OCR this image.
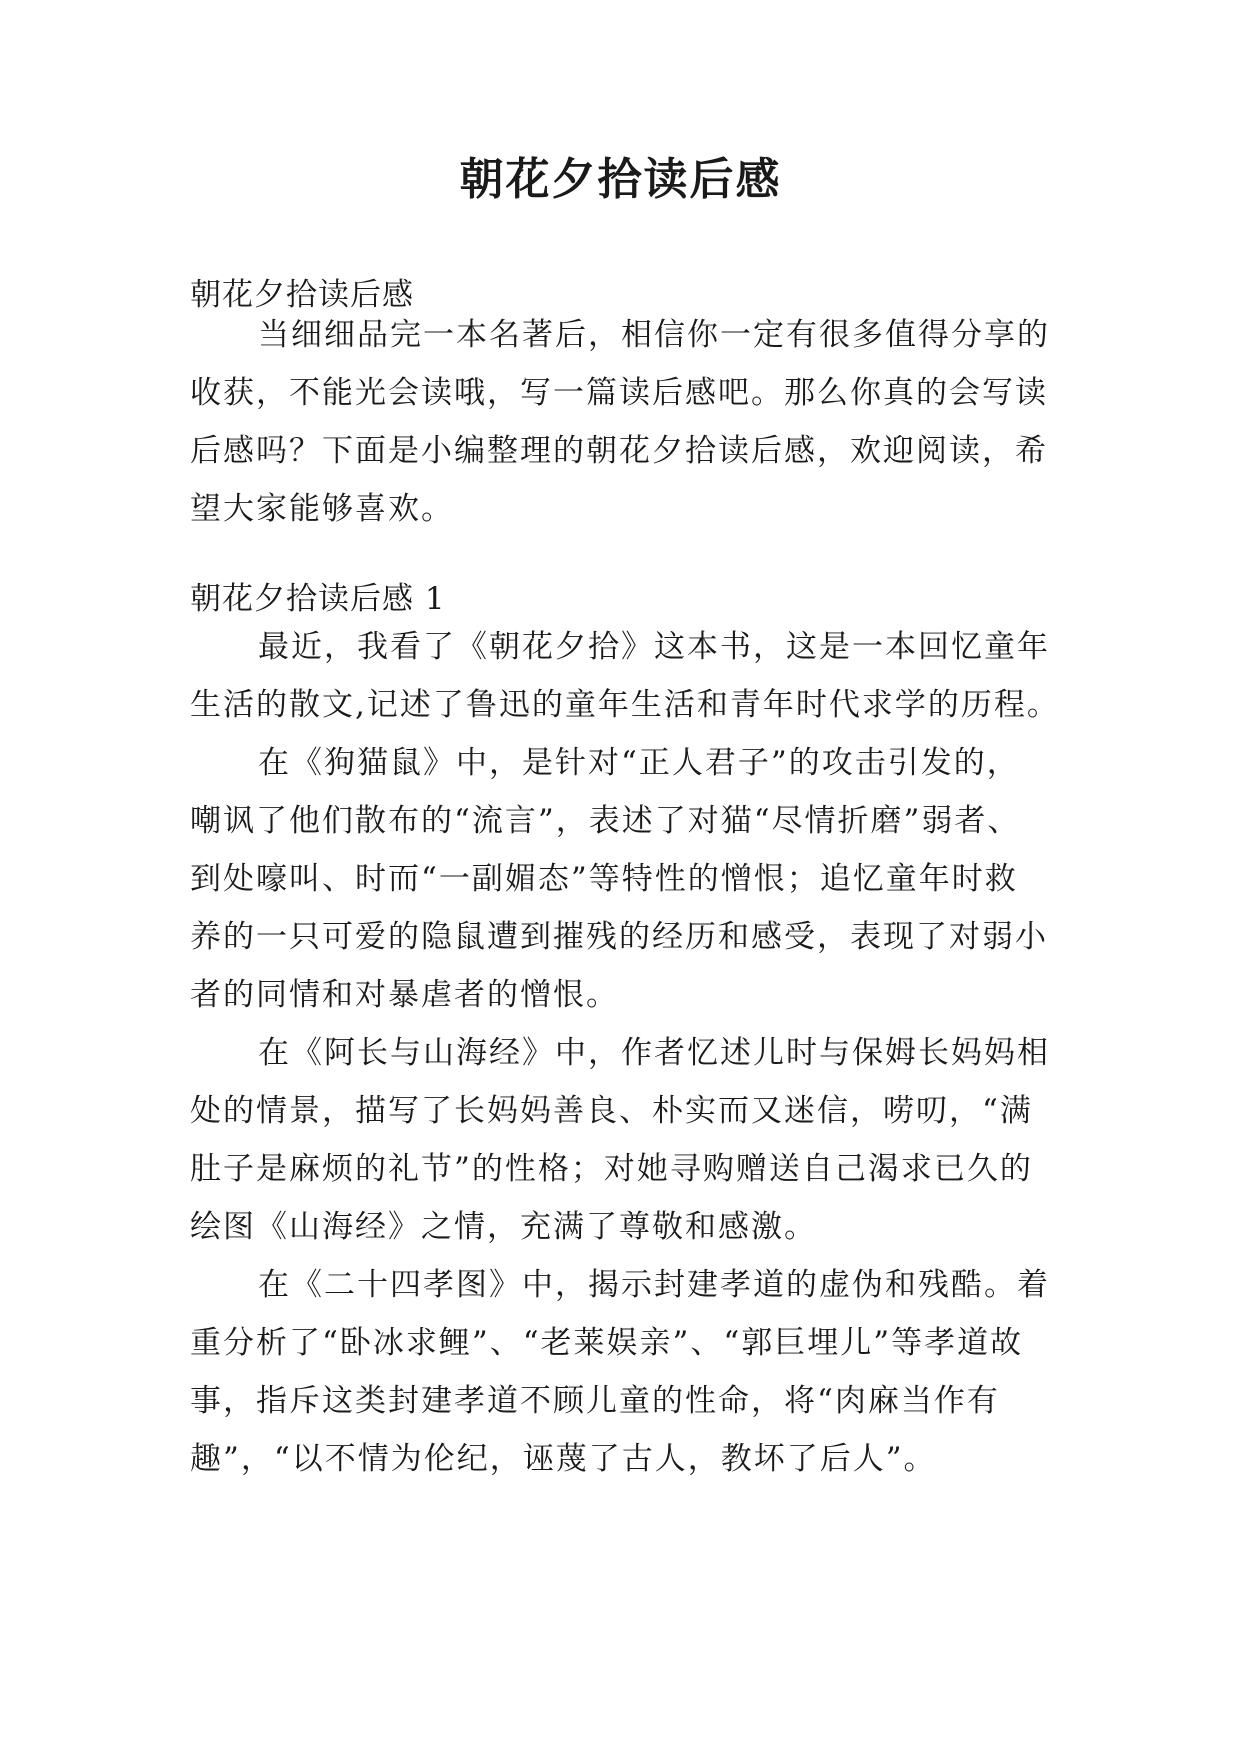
朝花夕拾读后感
朝花夕拾读后感
当细细品完一本名著后，相信你一定有很多值得分享的
收获，不能光会读哦，写一篇读后感吧。那么你真的会写读
后感吗？下面是小编整理的朝花夕拾读后感，欢迎阅读，希
望大家能够喜欢。
朝花夕拾读后感 1
最近，我看了《朝花夕拾》这本书，这是一本回忆童年
生活的散文,记述了鲁迅的童年生活和青年时代求学的历程。
在《狗猫鼠》中，是针对“正人君子”的攻击引发的，
嘲讽了他们散布的“流言”，表述了对猫“尽情折磨”弱者、
到处嚎叫、时而“一副媚态”等特性的憎恨；追忆童年时救
养的一只可爱的隐鼠遭到摧残的经历和感受，表现了对弱小
者的同情和对暴虐者的憎恨。
在《阿长与山海经》中，作者忆述儿时与保姆长妈妈相
处的情景，描写了长妈妈善良、朴实而又迷信，唠叨，“满
肚子是麻烦的礼节”的性格；对她寻购赠送自己渴求已久的
绘图《山海经》之情，充满了尊敬和感激。
在《二十四孝图》中，揭示封建孝道的虚伪和残酷。着
重分析了“卧冰求鲤”、“老莱娱亲”、“郭巨埋儿”等孝道故
事，指斥这类封建孝道不顾儿童的性命，将“肉麻当作有
趣”，“以不情为伦纪，诬蔑了古人，教坏了后人”。
